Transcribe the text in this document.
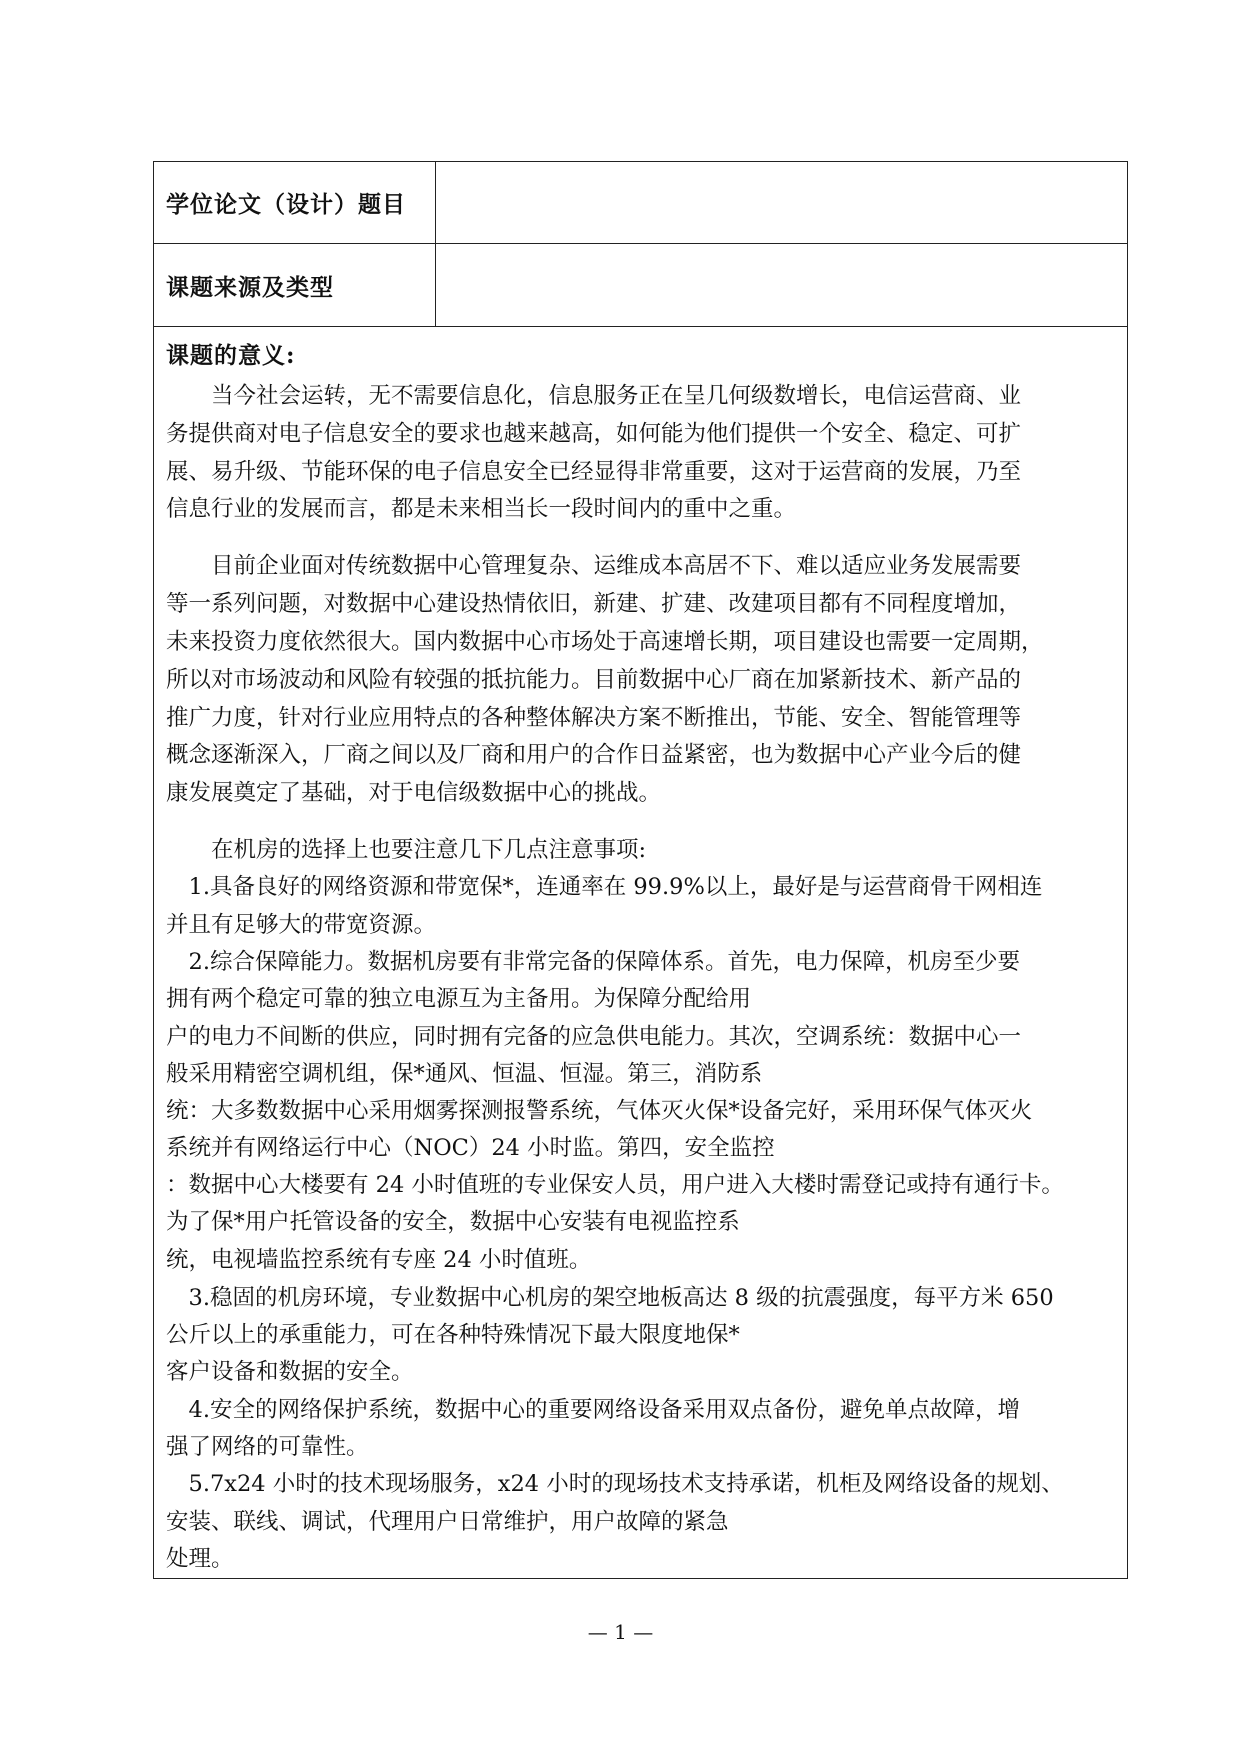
学位论文（设计）题目
课题来源及类型
课题的意义:
　　当今社会运转，无不需要信息化，信息服务正在呈几何级数增长，电信运营商、业
务提供商对电子信息安全的要求也越来越高，如何能为他们提供一个安全、稳定、可扩
展、易升级、节能环保的电子信息安全已经显得非常重要，这对于运营商的发展，乃至
信息行业的发展而言，都是未来相当长一段时间内的重中之重。
　　目前企业面对传统数据中心管理复杂、运维成本高居不下、难以适应业务发展需要
等一系列问题，对数据中心建设热情依旧，新建、扩建、改建项目都有不同程度增加，
未来投资力度依然很大。国内数据中心市场处于高速增长期，项目建设也需要一定周期，
所以对市场波动和风险有较强的抵抗能力。目前数据中心厂商在加紧新技术、新产品的
推广力度，针对行业应用特点的各种整体解决方案不断推出，节能、安全、智能管理等
概念逐渐深入，厂商之间以及厂商和用户的合作日益紧密，也为数据中心产业今后的健
康发展奠定了基础，对于电信级数据中心的挑战。
　　在机房的选择上也要注意几下几点注意事项:
　1.具备良好的网络资源和带宽保*，连通率在 99.9%以上，最好是与运营商骨干网相连
并且有足够大的带宽资源。
　2.综合保障能力。数据机房要有非常完备的保障体系。首先，电力保障，机房至少要
拥有两个稳定可靠的独立电源互为主备用。为保障分配给用
户的电力不间断的供应，同时拥有完备的应急供电能力。其次，空调系统：数据中心一
般采用精密空调机组，保*通风、恒温、恒湿。第三，消防系
统：大多数数据中心采用烟雾探测报警系统，气体灭火保*设备完好，采用环保气体灭火
系统并有网络运行中心（NOC）24 小时监。第四，安全监控
：数据中心大楼要有 24 小时值班的专业保安人员，用户进入大楼时需登记或持有通行卡。
为了保*用户托管设备的安全，数据中心安装有电视监控系
统，电视墙监控系统有专座 24 小时值班。
　3.稳固的机房环境，专业数据中心机房的架空地板高达 8 级的抗震强度，每平方米 650
公斤以上的承重能力，可在各种特殊情况下最大限度地保*
客户设备和数据的安全。
　4.安全的网络保护系统，数据中心的重要网络设备采用双点备份，避免单点故障，增
强了网络的可靠性。
　5.7x24 小时的技术现场服务，x24 小时的现场技术支持承诺，机柜及网络设备的规划、
安装、联线、调试，代理用户日常维护，用户故障的紧急
处理。
— 1 —
